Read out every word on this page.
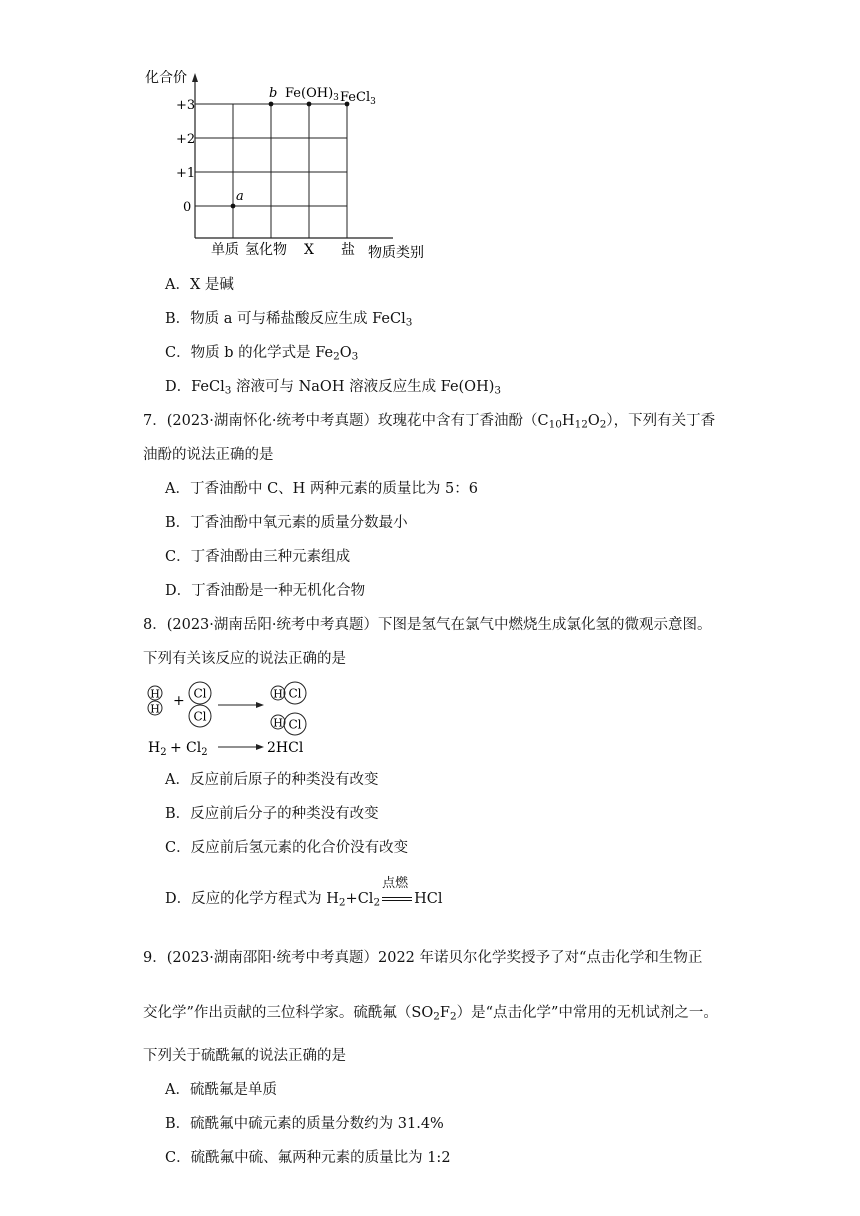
化合价
+3
+2
+1
0
单质 氢化物 X 盐 物质类别
a
b $Fe(OH)_3$ FeCl$_3$
A．X 是碱
B．物质 a 可与稀盐酸反应生成 FeCl$_3$
C．物质 b 的化学式是 $Fe_2O_3$
D．FeCl$_3$ 溶液可与 NaOH 溶液反应生成 $Fe(OH)_3$
7．(2023·湖南怀化·统考中考真题）玫瑰花中含有丁香油酚$(C_{10}H_{12}O_2)$，下列有关丁香
油酚的说法正确的是
A．丁香油酚中 C、H 两种元素的质量比为 5：6
B．丁香油酚中氧元素的质量分数最小
C．丁香油酚由三种元素组成
D．丁香油酚是一种无机化合物
8．(2023·湖南岳阳·统考中考真题）下图是氢气在氯气中燃烧生成氯化氢的微观示意图。
下列有关该反应的说法正确的是
H
H + Cl
Cl
H Cl
H Cl
$H_2 + Cl_2$	2HCl
A．反应前后原子的种类没有改变
B．反应前后分子的种类没有改变
C．反应前后氢元素的化合价没有改变
D．反应的化学方程式为 $H_2+Cl_2$
点燃
HCl
9．(2023·湖南邵阳·统考中考真题）2022 年诺贝尔化学奖授予了对“点击化学和生物正
交化学”作出贡献的三位科学家。硫酰氟$(SO_2F_2)$是“点击化学”中常用的无机试剂之一。
下列关于硫酰氟的说法正确的是
A．硫酰氟是单质
B．硫酰氟中硫元素的质量分数约为 31.4%
C．硫酰氟中硫、氟两种元素的质量比为 1:2
